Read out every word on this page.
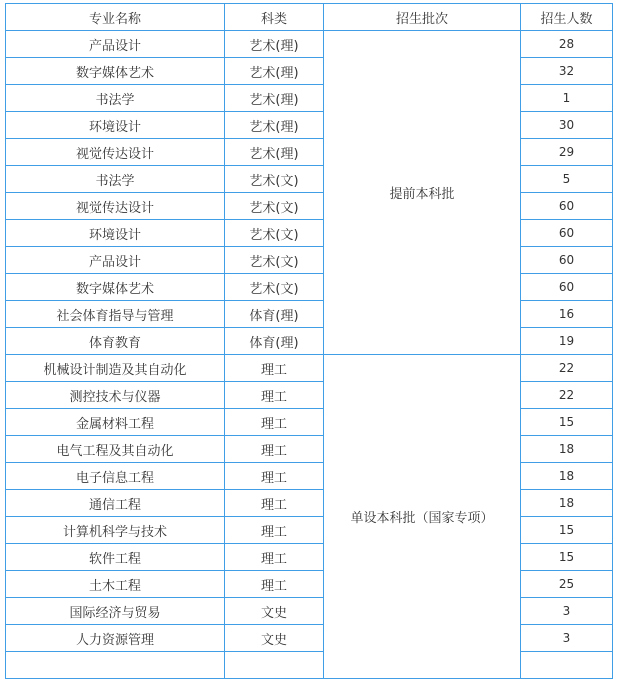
专业名称	科类	招生批次	招生人数
产品设计	艺术(理)	提前本科批	28
数字媒体艺术	艺术(理)		32
书法学	艺术(理)		1
环境设计	艺术(理)		30
视觉传达设计	艺术(理)		29
书法学	艺术(文)		5
视觉传达设计	艺术(文)		60
环境设计	艺术(文)		60
产品设计	艺术(文)		60
数字媒体艺术	艺术(文)		60
社会体育指导与管理	体育(理)		16
体育教育	体育(理)		19
机械设计制造及其自动化	理工	单设本科批（国家专项）	22
测控技术与仪器	理工		22
金属材料工程	理工		15
电气工程及其自动化	理工		18
电子信息工程	理工		18
通信工程	理工		18
计算机科学与技术	理工		15
软件工程	理工		15
土木工程	理工		25
国际经济与贸易	文史		3
人力资源管理	文史		3
